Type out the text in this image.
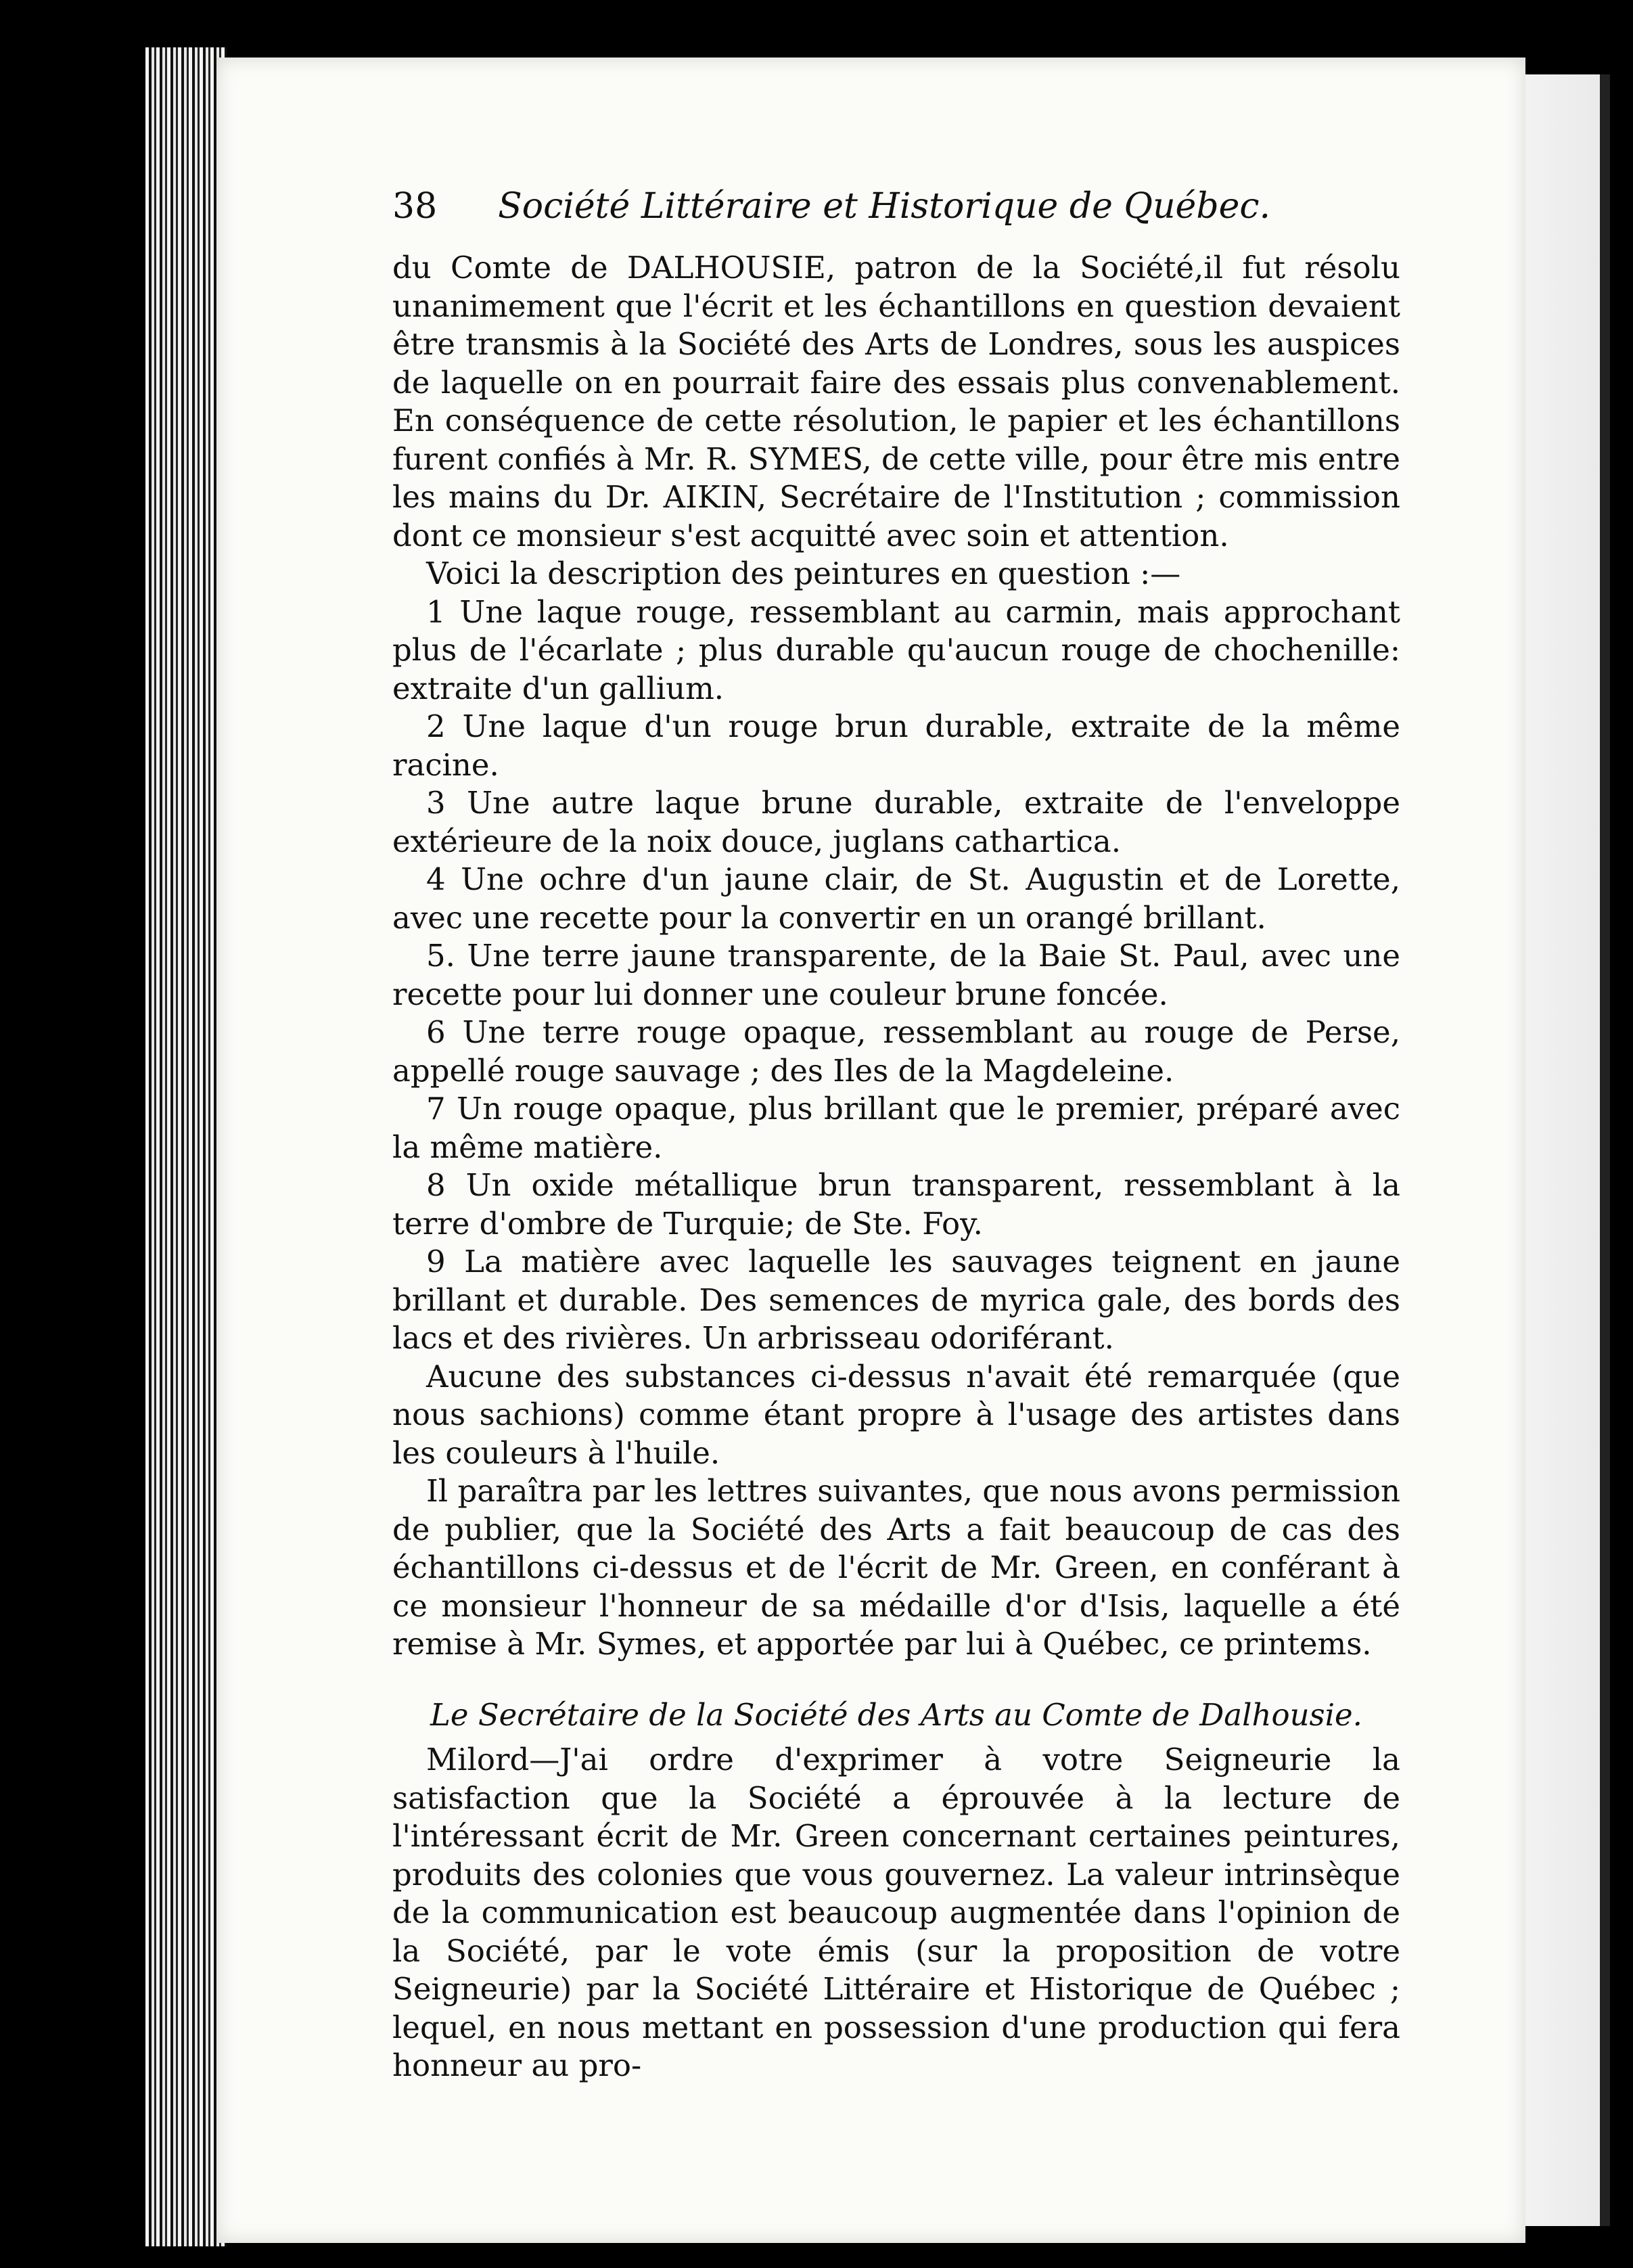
38 Société Littéraire et Historique de Québec.

du Comte de DALHOUSIE, patron de la Société,il fut résolu unanimement que l'écrit et les échantillons en question devaient être transmis à la Société des Arts de Londres, sous les auspices de laquelle on en pourrait faire des essais plus convenablement. En conséquence de cette résolution, le papier et les échantillons furent confiés à Mr. R. SYMES, de cette ville, pour être mis entre les mains du Dr. AIKIN, Secrétaire de l'Institution ; commission dont ce monsieur s'est acquitté avec soin et attention.

Voici la description des peintures en question :—

1 Une laque rouge, ressemblant au carmin, mais approchant plus de l'écarlate ; plus durable qu'aucun rouge de chochenille: extraite d'un gallium.

2 Une laque d'un rouge brun durable, extraite de la même racine.

3 Une autre laque brune durable, extraite de l'enveloppe extérieure de la noix douce, juglans cathartica.

4 Une ochre d'un jaune clair, de St. Augustin et de Lorette, avec une recette pour la convertir en un orangé brillant.

5. Une terre jaune transparente, de la Baie St. Paul, avec une recette pour lui donner une couleur brune foncée.

6 Une terre rouge opaque, ressemblant au rouge de Perse, appellé rouge sauvage ; des Iles de la Magdeleine.

7 Un rouge opaque, plus brillant que le premier, préparé avec la même matière.

8 Un oxide métallique brun transparent, ressemblant à la terre d'ombre de Turquie; de Ste. Foy.

9 La matière avec laquelle les sauvages teignent en jaune brillant et durable. Des semences de myrica gale, des bords des lacs et des rivières. Un arbrisseau odoriférant.

Aucune des substances ci-dessus n'avait été remarquée (que nous sachions) comme étant propre à l'usage des artistes dans les couleurs à l'huile.

Il paraîtra par les lettres suivantes, que nous avons permission de publier, que la Société des Arts a fait beaucoup de cas des échantillons ci-dessus et de l'écrit de Mr. Green, en conférant à ce monsieur l'honneur de sa médaille d'or d'Isis, laquelle a été remise à Mr. Symes, et apportée par lui à Québec, ce printems.

Le Secrétaire de la Société des Arts au Comte de Dalhousie.

Milord—J'ai ordre d'exprimer à votre Seigneurie la satisfaction que la Société a éprouvée à la lecture de l'intéressant écrit de Mr. Green concernant certaines peintures, produits des colonies que vous gouvernez. La valeur intrinsèque de la communication est beaucoup augmentée dans l'opinion de la Société, par le vote émis (sur la proposition de votre Seigneurie) par la Société Littéraire et Historique de Québec ; lequel, en nous mettant en possession d'une production qui fera honneur au pro-
